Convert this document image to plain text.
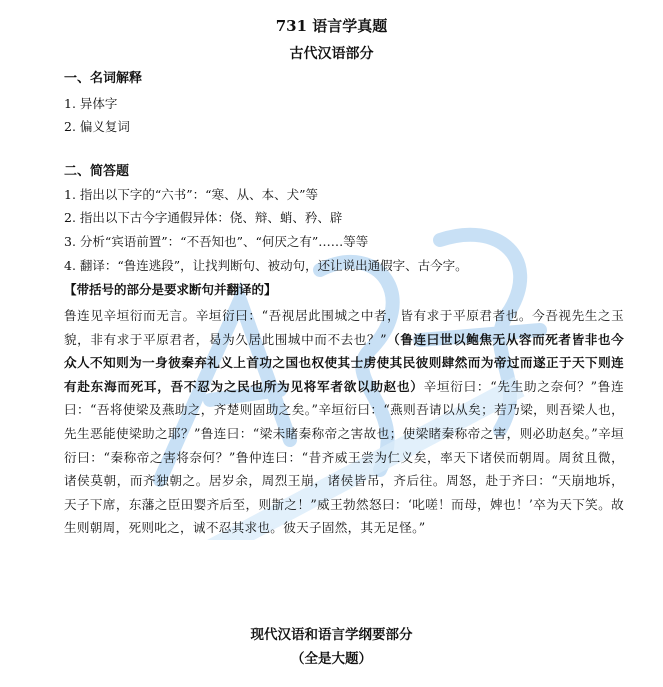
731 语言学真题
古代汉语部分
一、名词解释
1. 异体字
2. 偏义复词
二、简答题
1. 指出以下字的“六书”：“寒、从、本、犬”等
2. 指出以下古今字通假异体：侥、辩、蛸、矜、辟
3. 分析“宾语前置”：“不吾知也”、“何厌之有”……等等
4. 翻译：“鲁连逃段”，让找判断句、被动句，还让说出通假字、古今字。
【带括号的部分是要求断句并翻译的】
鲁连见辛垣衍而无言。辛垣衍曰：“吾视居此围城之中者，皆有求于平原君者也。今吾视先生之玉貌，非有求于平原君者，曷为久居此围城中而不去也？”（鲁连曰世以鲍焦无从容而死者皆非也今众人不知则为一身彼秦弃礼义上首功之国也权使其士虏使其民彼则肆然而为帝过而遂正于天下则连有赴东海而死耳，吾不忍为之民也所为见将军者欲以助赵也）辛垣衍曰：“先生助之奈何？”鲁连曰：“吾将使梁及燕助之，齐楚则固助之矣。”辛垣衍曰：“燕则吾请以从矣；若乃梁，则吾梁人也，先生恶能使梁助之耶？”鲁连曰：“梁未睹秦称帝之害故也；使梁睹秦称帝之害，则必助赵矣。”辛垣衍曰：“秦称帝之害将奈何？”鲁仲连曰：“昔齐威王尝为仁义矣，率天下诸侯而朝周。周贫且微，诸侯莫朝，而齐独朝之。居岁余，周烈王崩，诸侯皆吊，齐后往。周怒，赴于齐曰：“天崩地坼，天子下席，东藩之臣田婴齐后至，则斮之！”威王勃然怒曰：‘叱嗟！而母，婢也！’卒为天下笑。故生则朝周，死则叱之，诚不忍其求也。彼天子固然，其无足怪。”
现代汉语和语言学纲要部分
（全是大题）
